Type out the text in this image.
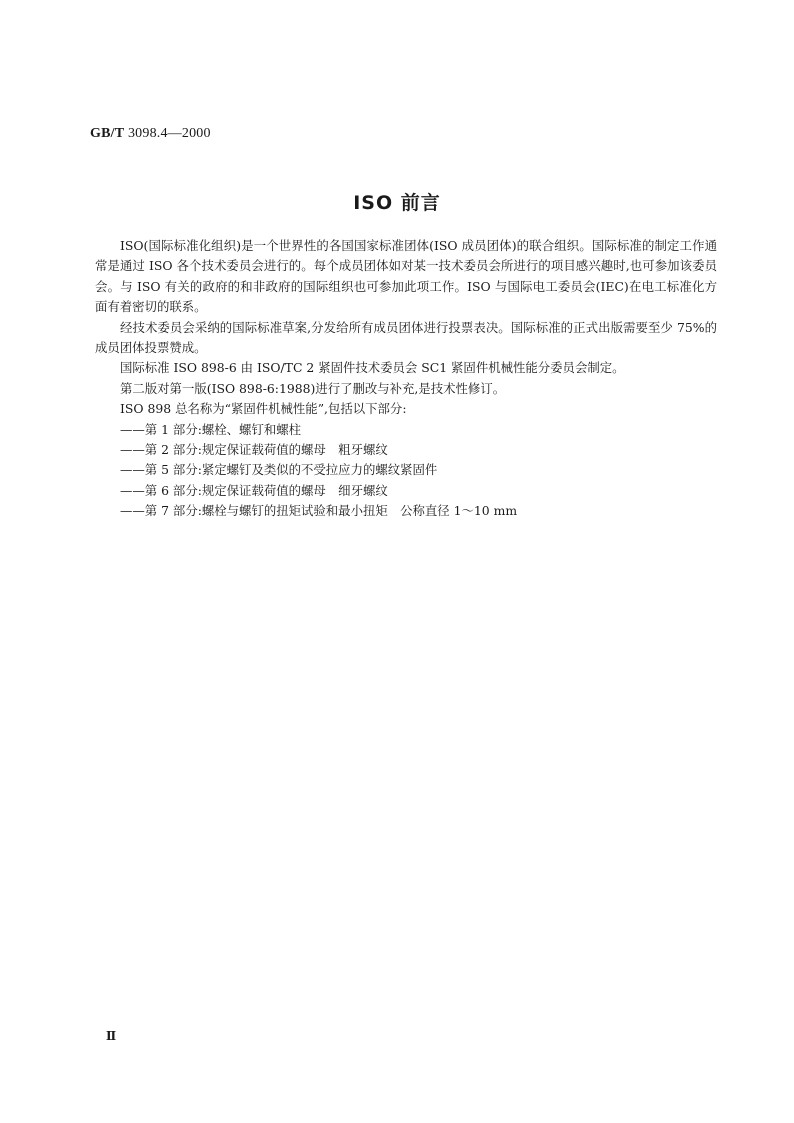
GB/T 3098.4—2000
ISO 前言

ISO(国际标准化组织)是一个世界性的各国国家标准团体(ISO 成员团体)的联合组织。国际标准的制定工作通常是通过 ISO 各个技术委员会进行的。每个成员团体如对某一技术委员会所进行的项目感兴趣时,也可参加该委员会。与 ISO 有关的政府的和非政府的国际组织也可参加此项工作。ISO 与国际电工委员会(IEC)在电工标准化方面有着密切的联系。

经技术委员会采纳的国际标准草案,分发给所有成员团体进行投票表决。国际标准的正式出版需要至少 75%的成员团体投票赞成。

国际标准 ISO 898-6 由 ISO/TC 2 紧固件技术委员会 SC1 紧固件机械性能分委员会制定。

第二版对第一版(ISO 898-6:1988)进行了删改与补充,是技术性修订。

ISO 898 总名称为“紧固件机械性能”,包括以下部分:

——第 1 部分:螺栓、螺钉和螺柱

——第 2 部分:规定保证载荷值的螺母　粗牙螺纹

——第 5 部分:紧定螺钉及类似的不受拉应力的螺纹紧固件

——第 6 部分:规定保证载荷值的螺母　细牙螺纹

——第 7 部分:螺栓与螺钉的扭矩试验和最小扭矩　公称直径 1～10 mm

Ⅱ
